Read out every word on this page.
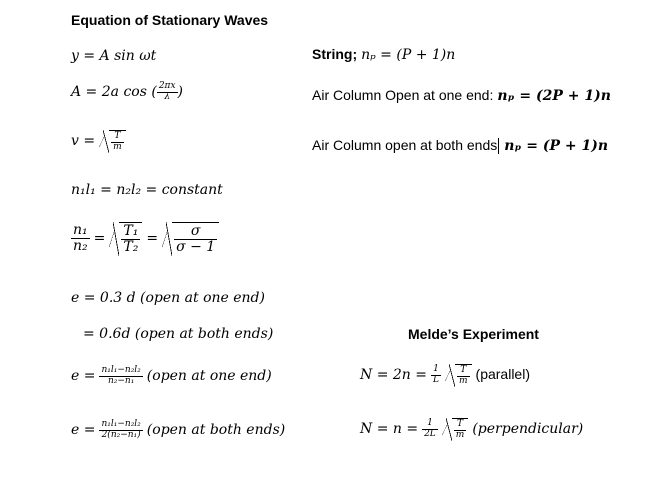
Equation of Stationary Waves
y = A sin ωt
A = 2a cos ( $\frac{2\pi x}{\lambda}$ )
$v = \frac{T}{m}$
n₁l₁ = n₂l₂ = constant
$\frac{\text{n₁}}{\text{n₂}} = \frac{\text{T₁}}{\text{T₂}} = \frac{\sigma}{\sigma - 1}$
e = 0.3 d (open at one end)
= 0.6d (open at both ends)
$e = \frac{\text{n₁l₁−n₂l₂}}{\text{n₂−n₁}}$ (open at one end)
$e = \frac{\text{n₁l₁−n₂l₂}}{\text{2(n₂−n₁)}}$ (open at both ends)
String; nₚ = (P + 1)n
Air Column Open at one end: nₚ = (2P + 1)n
Air Column open at both ends nₚ = (P + 1)n
Melde’s Experiment
$N = 2n = \frac{1}{L}$
$\frac{T}{m}$ (parallel)
$N = n = \frac{1}{2L}$
$\frac{T}{m}$ (perpendicular)
